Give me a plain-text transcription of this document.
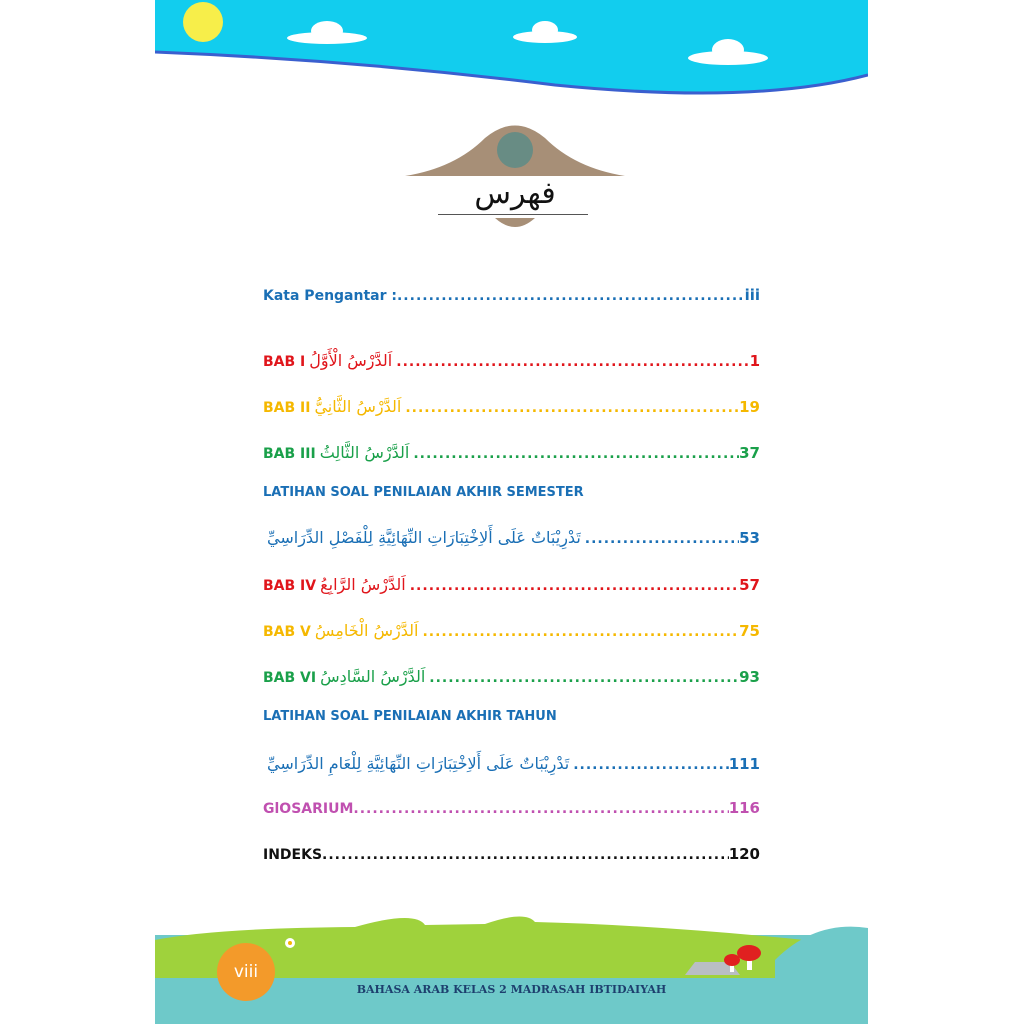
فهرس
Kata Pengantar : .....	iii
BAB I اَلدَّرْسُ الْأَوَّلُ .....	1
BAB II اَلدَّرْسُ الثَّانِيُّ .....	19
BAB III اَلدَّرْسُ الثَّالِثُ .....	37
LATIHAN SOAL PENILAIAN AKHIR SEMESTER
تَدْرِيْبَاتٌ عَلَى أَلاِخْتِبَارَاتِ النِّهَائِيَّةِ لِلْفَصْلِ الدِّرَاسِيِّ .....	53
BAB IV اَلدَّرْسُ الرَّابِعُ .....	57
BAB V اَلدَّرْسُ الْخَامِسُ .....	75
BAB VI اَلدَّرْسُ السَّادِسُ .....	93
LATIHAN SOAL PENILAIAN AKHIR TAHUN
تَدْرِيْبَاتٌ عَلَى أَلاِخْتِبَارَاتِ النِّهَائِيَّةِ لِلْعَامِ الدِّرَاسِيِّ .....	111
GlOSARIUM .....	116
INDEKS .....	120
viii
BAHASA ARAB KELAS 2 MADRASAH IBTIDAIYAH
